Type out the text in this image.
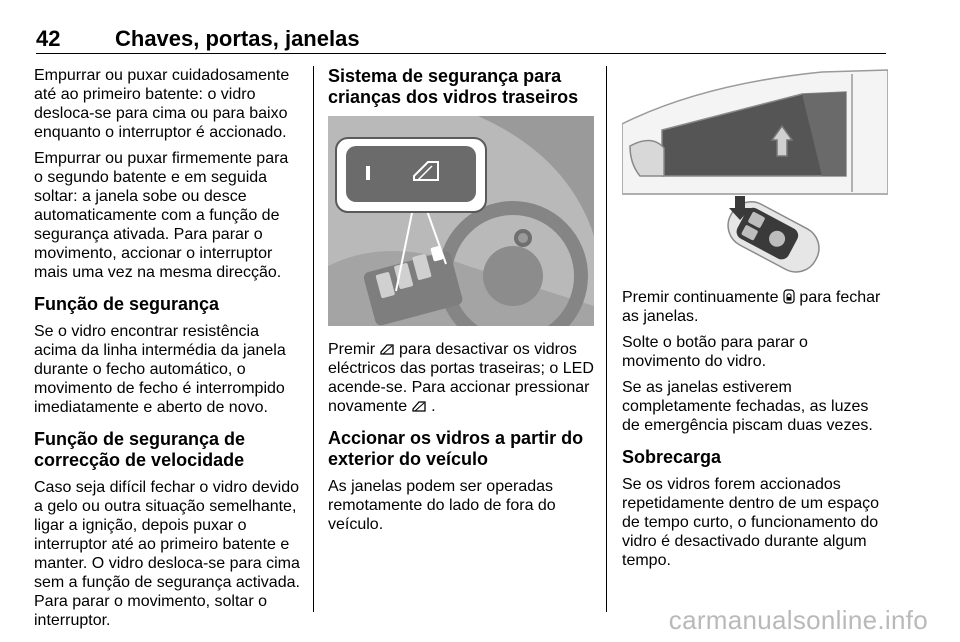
42 Chaves, portas, janelas

Empurrar ou puxar cuidadosamente até ao primeiro batente: o vidro desloca-se para cima ou para baixo enquanto o interruptor é accionado.

Empurrar ou puxar firmemente para o segundo batente e em seguida soltar: a janela sobe ou desce automaticamente com a função de segurança ativada. Para parar o movimento, accionar o interruptor mais uma vez na mesma direcção.

Função de segurança

Se o vidro encontrar resistência acima da linha intermédia da janela durante o fecho automático, o movimento de fecho é interrompido imediatamente e aberto de novo.

Função de segurança de correcção de velocidade

Caso seja difícil fechar o vidro devido a gelo ou outra situação semelhante, ligar a ignição, depois puxar o interruptor até ao primeiro batente e manter. O vidro desloca-se para cima sem a função de segurança activada. Para parar o movimento, soltar o interruptor.

Sistema de segurança para crianças dos vidros traseiros

Premir  para desactivar os vidros eléctricos das portas traseiras; o LED acende-se. Para accionar pressionar novamente  .

Accionar os vidros a partir do exterior do veículo

As janelas podem ser operadas remotamente do lado de fora do veículo.

Premir continuamente  para fechar as janelas.

Solte o botão para parar o movimento do vidro.

Se as janelas estiverem completamente fechadas, as luzes de emergência piscam duas vezes.

Sobrecarga

Se os vidros forem accionados repetidamente dentro de um espaço de tempo curto, o funcionamento do vidro é desactivado durante algum tempo.

carmanualsonline.info
